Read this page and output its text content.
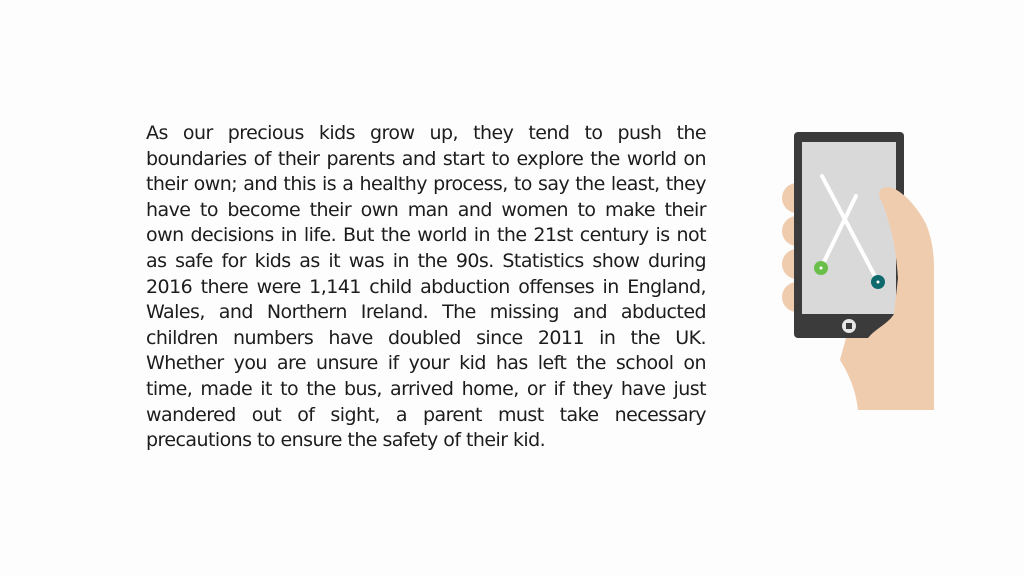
As our precious kids grow up, they tend to push the boundaries of their parents and start to explore the world on their own; and this is a healthy process, to say the least, they have to become their own man and women to make their own decisions in life. But the world in the 21st century is not as safe for kids as it was in the 90s. Statistics show during 2016 there were 1,141 child abduction offenses in England, Wales, and Northern Ireland. The missing and abducted children numbers have doubled since 2011 in the UK. Whether you are unsure if your kid has left the school on time, made it to the bus, arrived home, or if they have just wandered out of sight, a parent must take necessary precautions to ensure the safety of their kid.
